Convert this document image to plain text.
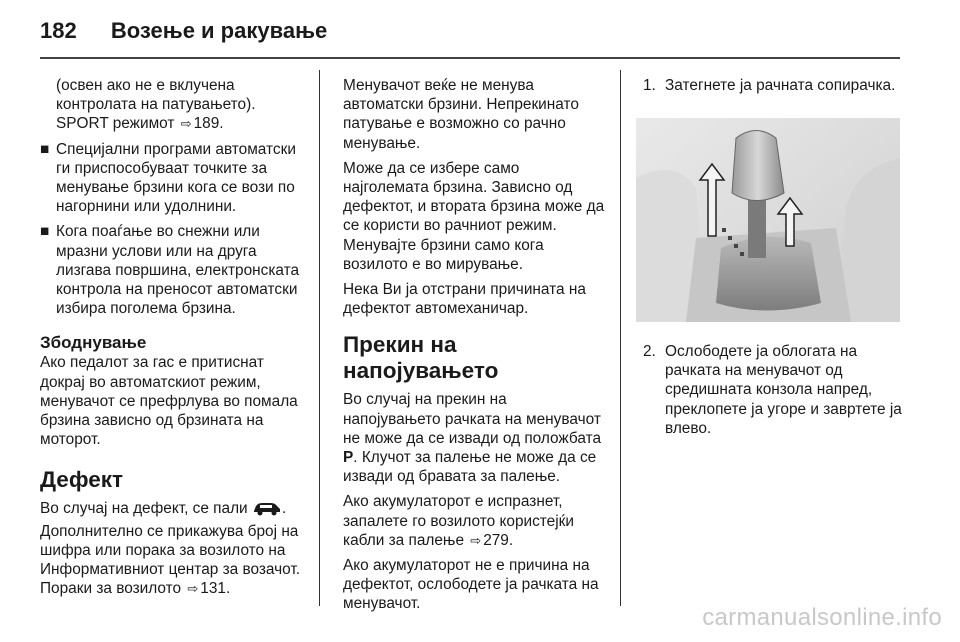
182 Возење и ракување

(освен ако не е вклучена контролата на патувањето). SPORT режимот ⇨ 189.

■ Специјални програми автоматски ги приспособуваат точките за менување брзини кога се вози по нагорнини или удолнини.
■ Кога поаѓање во снежни или мразни услови или на друга лизгава површина, електронската контрола на преносот автоматски избира поголема брзина.
Збоднување

Ако педалот за гас е притиснат докрај во автоматскиот режим, менувачот се префрлува во помала брзина зависно од брзината на моторот.

Дефект

Во случај на дефект, се пали . Дополнително се прикажува број на шифра или порака за возилото на Информативниот центар за возачот. Пораки за возилото ⇨ 131.

Менувачот веќе не менува автоматски брзини. Непрекинато патување е возможно со рачно менување.

Може да се избере само најголемата брзина. Зависно од дефектот, и втората брзина може да се користи во рачниот режим. Менувајте брзини само кога возилото е во мирување.

Нека Ви ја отстрани причината на дефектот автомеханичар.

Прекин на напојувањето

Во случај на прекин на напојувањето рачката на менувачот не може да се извади од положбата P. Клучот за палење не може да се извади од бравата за палење.

Ако акумулаторот е испразнет, запалете го возилото користејќи кабли за палење ⇨ 279.

Ако акумулаторот не е причина на дефектот, ослободете ја рачката на менувачот.

1. Затегнете ја рачната сопирачка.
2. Ослободете ја облогата на рачката на менувачот од средишната конзола напред, преклопете ја угоре и завртете ја влево.
carmanualsonline.info
